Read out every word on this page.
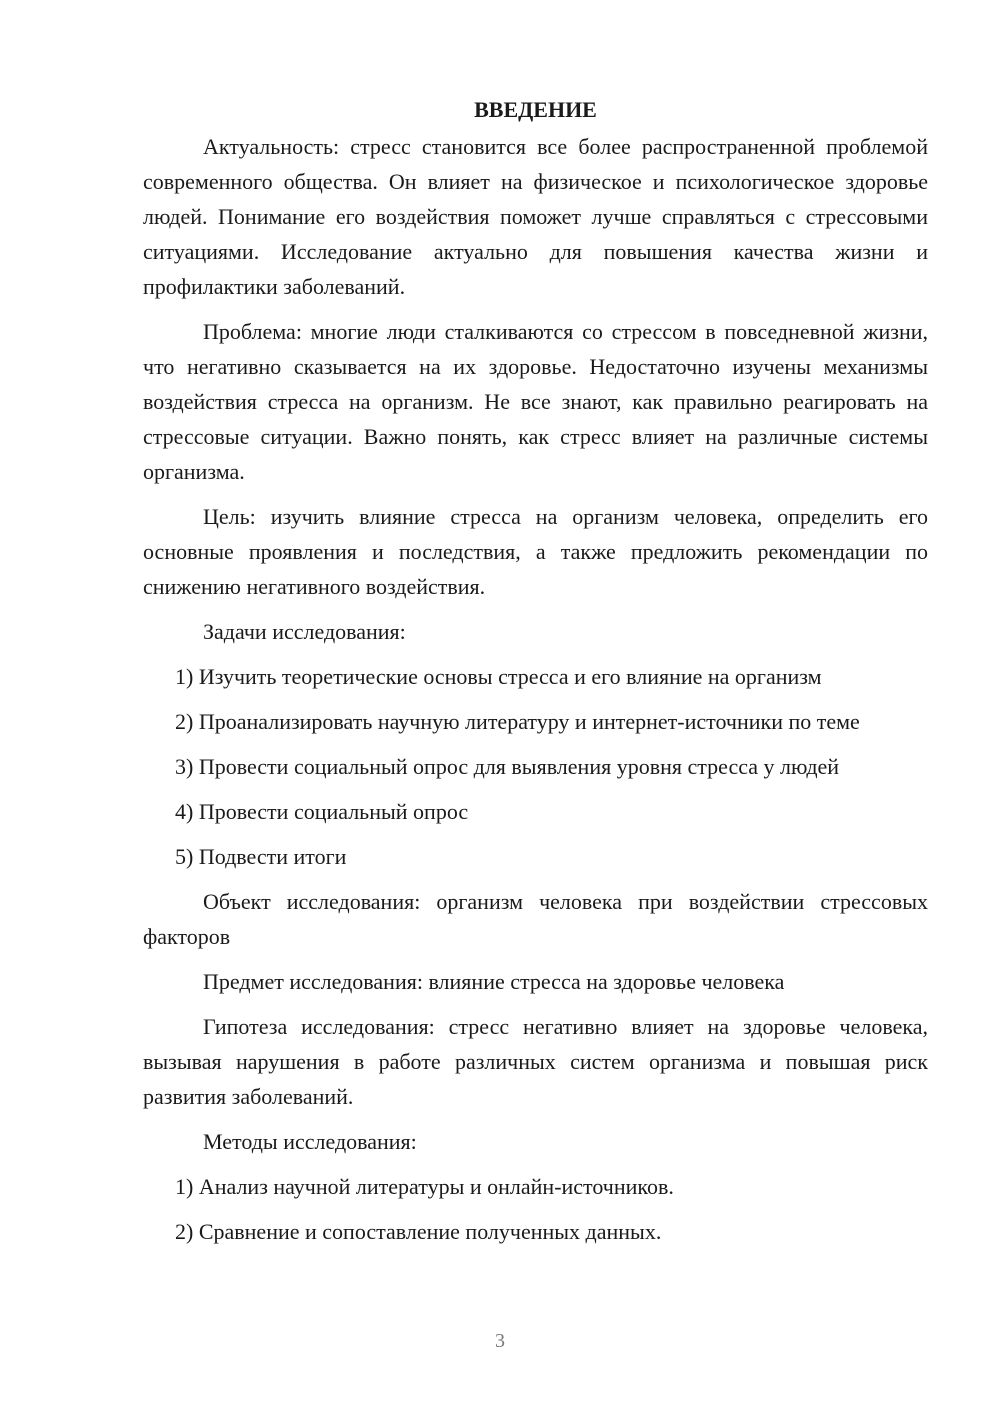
ВВЕДЕНИЕ

Актуальность: стресс становится все более распространенной проблемой современного общества. Он влияет на физическое и психологическое здоровье людей. Понимание его воздействия поможет лучше справляться с стрессовыми ситуациями. Исследование актуально для повышения качества жизни и профилактики заболеваний.

Проблема: многие люди сталкиваются со стрессом в повседневной жизни, что негативно сказывается на их здоровье. Недостаточно изучены механизмы воздействия стресса на организм. Не все знают, как правильно реагировать на стрессовые ситуации. Важно понять, как стресс влияет на различные системы организма.

Цель: изучить влияние стресса на организм человека, определить его основные проявления и последствия, а также предложить рекомендации по снижению негативного воздействия.

Задачи исследования:

1) Изучить теоретические основы стресса и его влияние на организм

2) Проанализировать научную литературу и интернет-источники по теме

3) Провести социальный опрос для выявления уровня стресса у людей

4) Провести социальный опрос

5) Подвести итоги

Объект исследования: организм человека при воздействии стрессовых факторов

Предмет исследования: влияние стресса на здоровье человека

Гипотеза исследования: стресс негативно влияет на здоровье человека, вызывая нарушения в работе различных систем организма и повышая риск развития заболеваний.

Методы исследования:

1) Анализ научной литературы и онлайн-источников.

2) Сравнение и сопоставление полученных данных.

3
